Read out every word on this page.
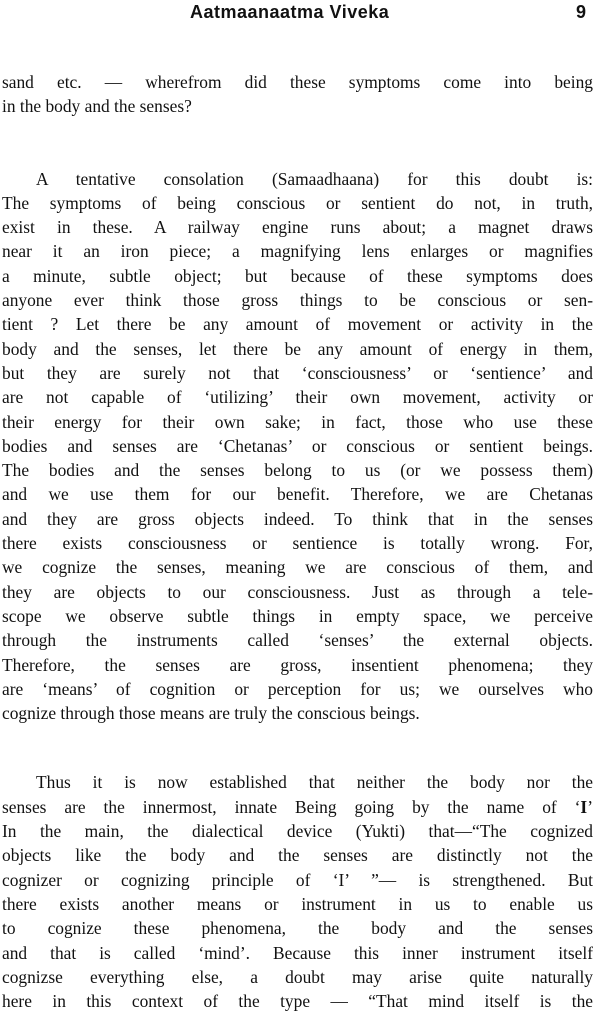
Aatmaanaatma Viveka	9
sand etc. — wherefrom did these symptoms come into being
in the body and the senses?
A tentative consolation (Samaadhaana) for this doubt is:
The symptoms of being conscious or sentient do not, in truth,
exist in these. A railway engine runs about; a magnet draws
near it an iron piece; a magnifying lens enlarges or magnifies
a minute, subtle object; but because of these symptoms does
anyone ever think those gross things to be conscious or sen-
tient ? Let there be any amount of movement or activity in the
body and the senses, let there be any amount of energy in them,
but they are surely not that ‘consciousness’ or ‘sentience’ and
are not capable of ‘utilizing’ their own movement, activity or
their energy for their own sake; in fact, those who use these
bodies and senses are ‘Chetanas’ or conscious or sentient beings.
The bodies and the senses belong to us (or we possess them)
and we use them for our benefit. Therefore, we are Chetanas
and they are gross objects indeed. To think that in the senses
there exists consciousness or sentience is totally wrong. For,
we cognize the senses, meaning we are conscious of them, and
they are objects to our consciousness. Just as through a tele-
scope we observe subtle things in empty space, we perceive
through the instruments called ‘senses’ the external objects.
Therefore, the senses are gross, insentient phenomena; they
are ‘means’ of cognition or perception for us; we ourselves who
cognize through those means are truly the conscious beings.
Thus it is now established that neither the body nor the
senses are the innermost, innate Being going by the name of ‘I’
In the main, the dialectical device (Yukti) that—“The cognized
objects like the body and the senses are distinctly not the
cognizer or cognizing principle of ‘I’ ”— is strengthened. But
there exists another means or instrument in us to enable us
to cognize these phenomena, the body and the senses
and that is called ‘mind’. Because this inner instrument itself
cognizse everything else, a doubt may arise quite naturally
here in this context of the type — “That mind itself is the
